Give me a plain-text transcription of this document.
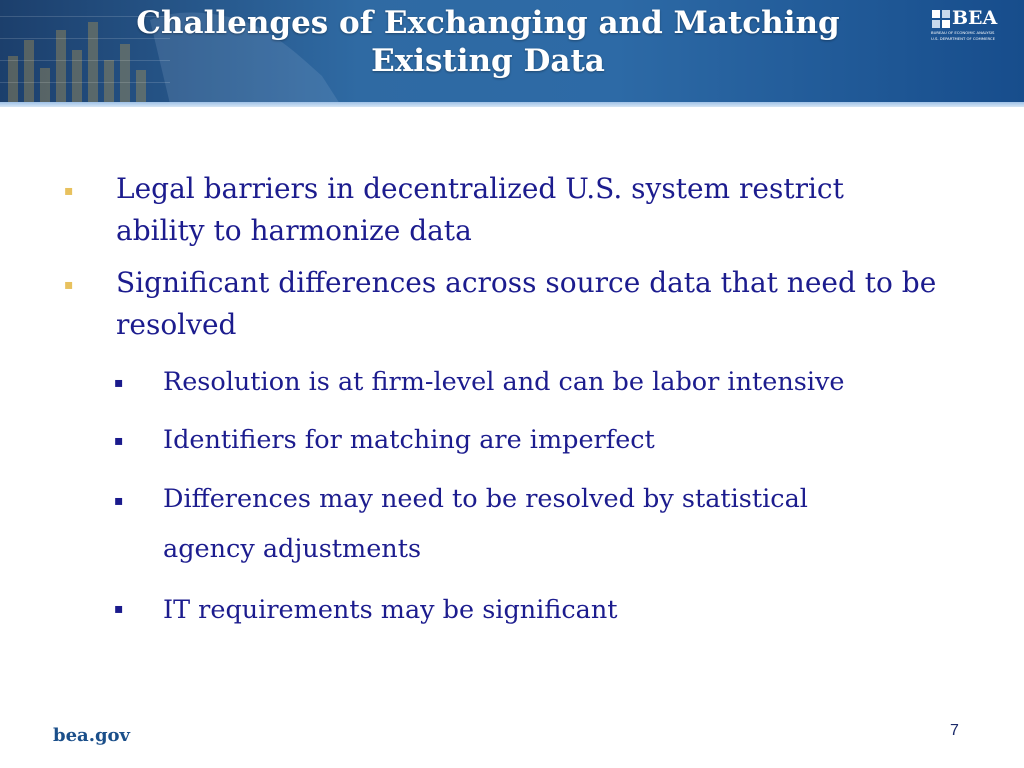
Challenges of Exchanging and Matching Existing Data
BEA
BUREAU OF ECONOMIC ANALYSIS
U.S. DEPARTMENT OF COMMERCE
▪ Legal barriers in decentralized U.S. system restrict ability to harmonize data
▪ Significant differences across source data that need to be resolved
▪ Resolution is at firm-level and can be labor intensive
▪ Identifiers for matching are imperfect
▪ Differences may need to be resolved by statistical agency adjustments
▪ IT requirements may be significant
bea.gov	7
